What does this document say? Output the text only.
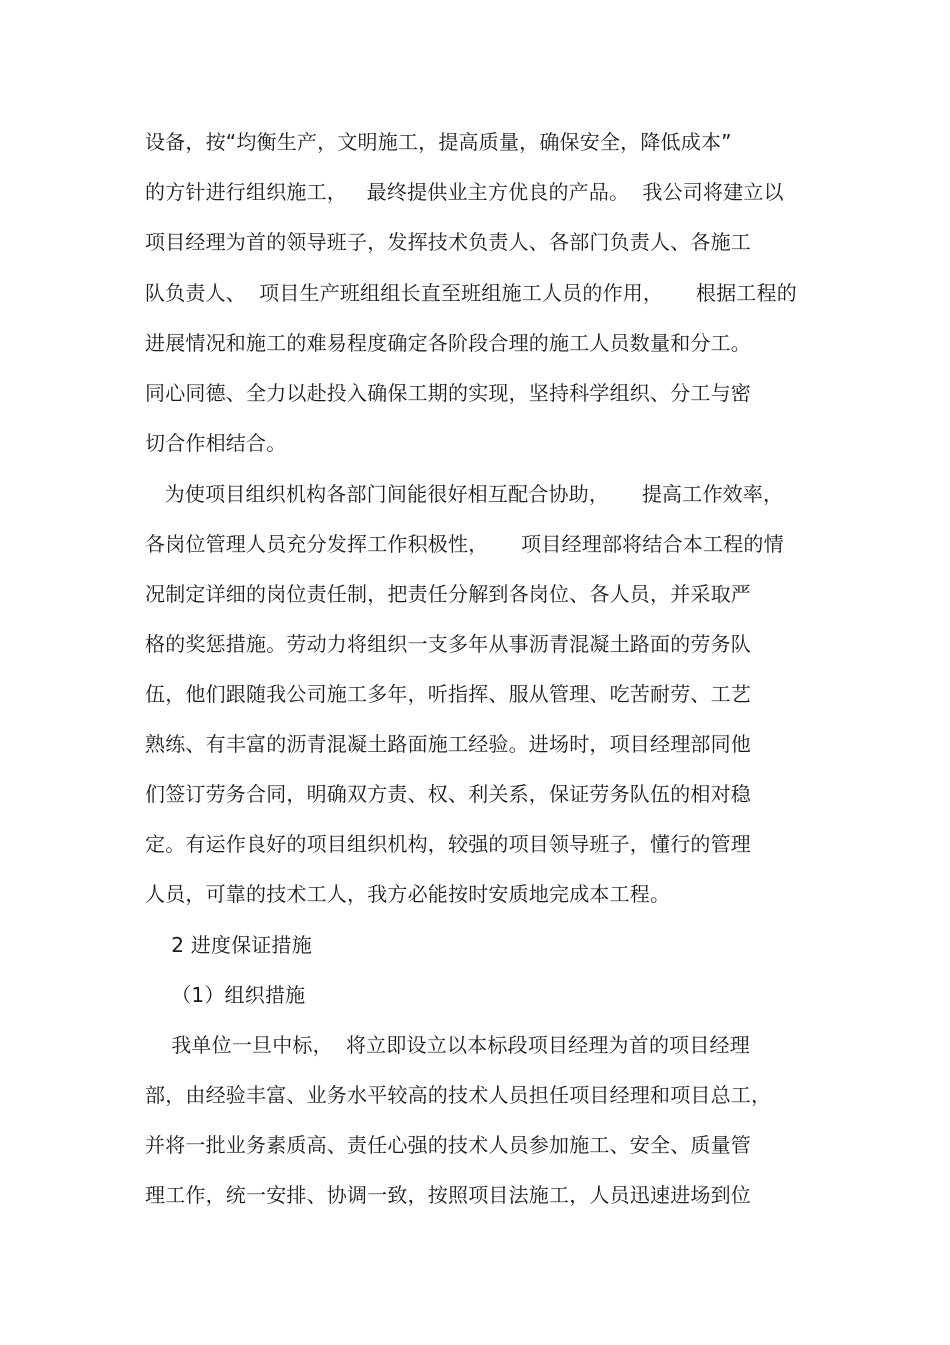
设备，按“均衡生产，文明施工，提高质量，确保安全，降低成本”
的方针进行组织施工，   最终提供业主方优良的产品。  我公司将建立以
项目经理为首的领导班子，发挥技术负责人、各部门负责人、各施工
队负责人、  项目生产班组组长直至班组施工人员的作用，     根据工程的
进展情况和施工的难易程度确定各阶段合理的施工人员数量和分工。
同心同德、全力以赴投入确保工期的实现，坚持科学组织、分工与密
切合作相结合。
为使项目组织机构各部门间能很好相互配合协助，     提高工作效率，
各岗位管理人员充分发挥工作积极性，     项目经理部将结合本工程的情
况制定详细的岗位责任制，把责任分解到各岗位、各人员，并采取严
格的奖惩措施。劳动力将组织一支多年从事沥青混凝土路面的劳务队
伍，他们跟随我公司施工多年，听指挥、服从管理、吃苦耐劳、工艺
熟练、有丰富的沥青混凝土路面施工经验。进场时，项目经理部同他
们签订劳务合同，明确双方责、权、利关系，保证劳务队伍的相对稳
定。有运作良好的项目组织机构，较强的项目领导班子，懂行的管理
人员，可靠的技术工人，我方必能按时安质地完成本工程。
2 进度保证措施
（1）组织措施
我单位一旦中标，  将立即设立以本标段项目经理为首的项目经理
部，由经验丰富、业务水平较高的技术人员担任项目经理和项目总工，
并将一批业务素质高、责任心强的技术人员参加施工、安全、质量管
理工作，统一安排、协调一致，按照项目法施工，人员迅速进场到位
